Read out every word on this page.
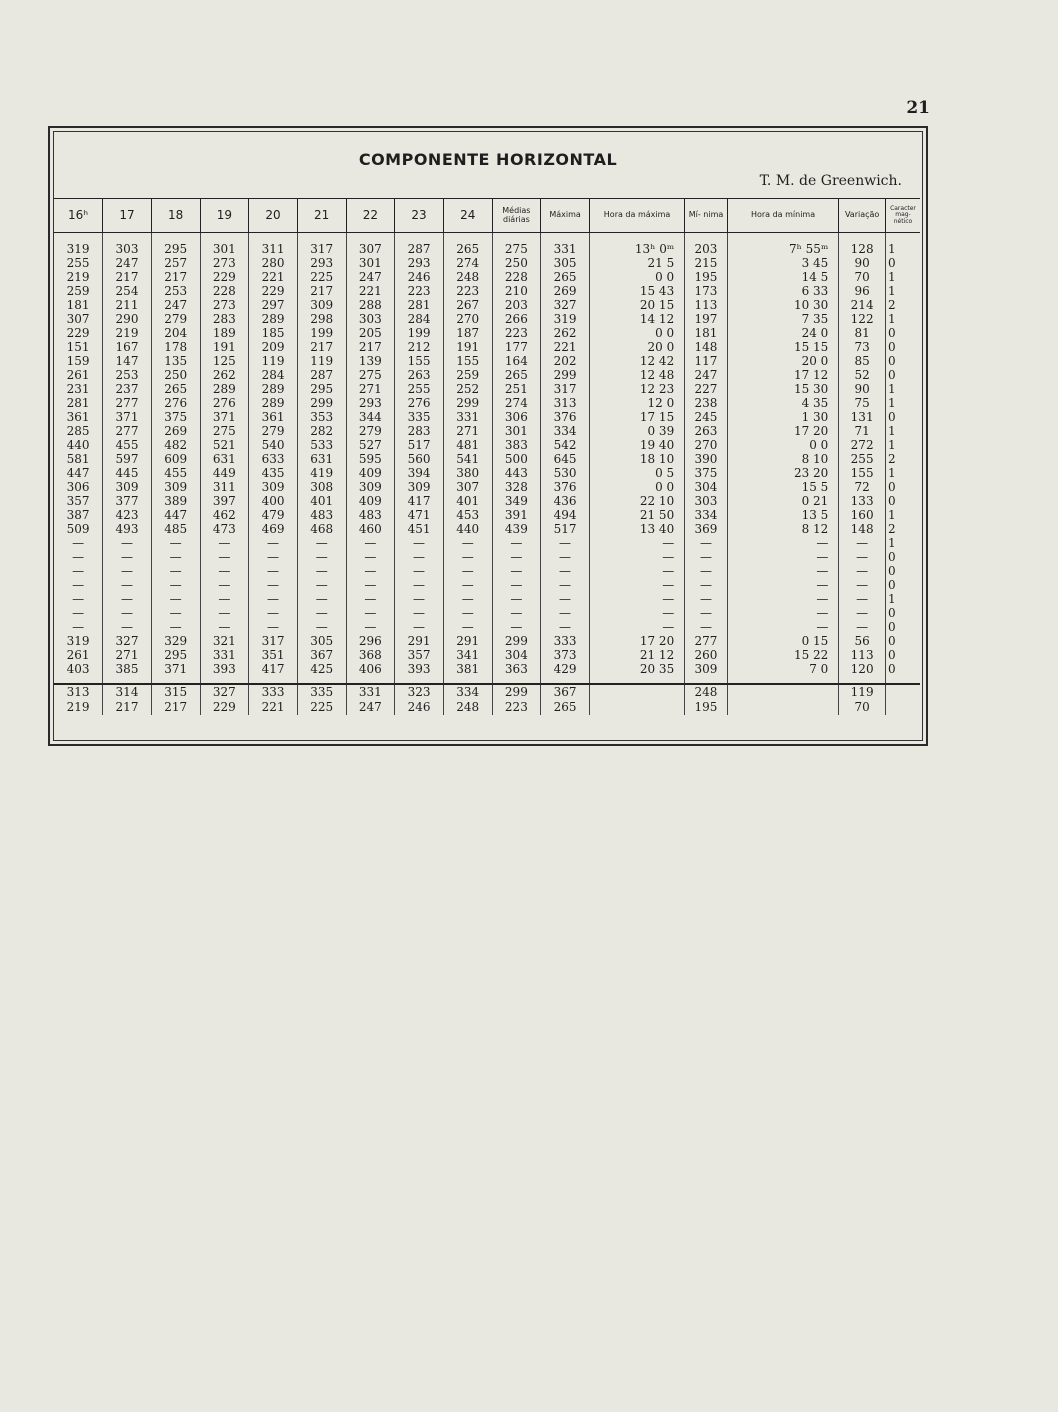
21
COMPONENTE HORIZONTAL
T. M. de Greenwich.
16ʰ	17	18	19	20	21	22	23	24	Médias diárias	Máxima	Hora da máxima	Mí- nima	Hora da mínima	Variação	Caracter mag- nético

319	303	295	301	311	317	307	287	265	275	331	13ʰ 0ᵐ	203	7ʰ 55ᵐ	128	1
255	247	257	273	280	293	301	293	274	250	305	21 5	215	3 45	90	0
219	217	217	229	221	225	247	246	248	228	265	0 0	195	14 5	70	1
259	254	253	228	229	217	221	223	223	210	269	15 43	173	6 33	96	1
181	211	247	273	297	309	288	281	267	203	327	20 15	113	10 30	214	2
307	290	279	283	289	298	303	284	270	266	319	14 12	197	7 35	122	1
229	219	204	189	185	199	205	199	187	223	262	0 0	181	24 0	81	0
151	167	178	191	209	217	217	212	191	177	221	20 0	148	15 15	73	0
159	147	135	125	119	119	139	155	155	164	202	12 42	117	20 0	85	0
261	253	250	262	284	287	275	263	259	265	299	12 48	247	17 12	52	0
231	237	265	289	289	295	271	255	252	251	317	12 23	227	15 30	90	1
281	277	276	276	289	299	293	276	299	274	313	12 0	238	4 35	75	1
361	371	375	371	361	353	344	335	331	306	376	17 15	245	1 30	131	0
285	277	269	275	279	282	279	283	271	301	334	0 39	263	17 20	71	1
440	455	482	521	540	533	527	517	481	383	542	19 40	270	0 0	272	1
581	597	609	631	633	631	595	560	541	500	645	18 10	390	8 10	255	2
447	445	455	449	435	419	409	394	380	443	530	0 5	375	23 20	155	1
306	309	309	311	309	308	309	309	307	328	376	0 0	304	15 5	72	0
357	377	389	397	400	401	409	417	401	349	436	22 10	303	0 21	133	0
387	423	447	462	479	483	483	471	453	391	494	21 50	334	13 5	160	1
509	493	485	473	469	468	460	451	440	439	517	13 40	369	8 12	148	2
—	—	—	—	—	—	—	—	—	—	—	—	—	—	—	1
—	—	—	—	—	—	—	—	—	—	—	—	—	—	—	0
—	—	—	—	—	—	—	—	—	—	—	—	—	—	—	0
—	—	—	—	—	—	—	—	—	—	—	—	—	—	—	0
—	—	—	—	—	—	—	—	—	—	—	—	—	—	—	1
—	—	—	—	—	—	—	—	—	—	—	—	—	—	—	0
—	—	—	—	—	—	—	—	—	—	—	—	—	—	—	0
319	327	329	321	317	305	296	291	291	299	333	17 20	277	0 15	56	0
261	271	295	331	351	367	368	357	341	304	373	21 12	260	15 22	113	0
403	385	371	393	417	425	406	393	381	363	429	20 35	309	7 0	120	0

313	314	315	327	333	335	331	323	334	299	367		248		119	
219	217	217	229	221	225	247	246	248	223	265		195		70	
